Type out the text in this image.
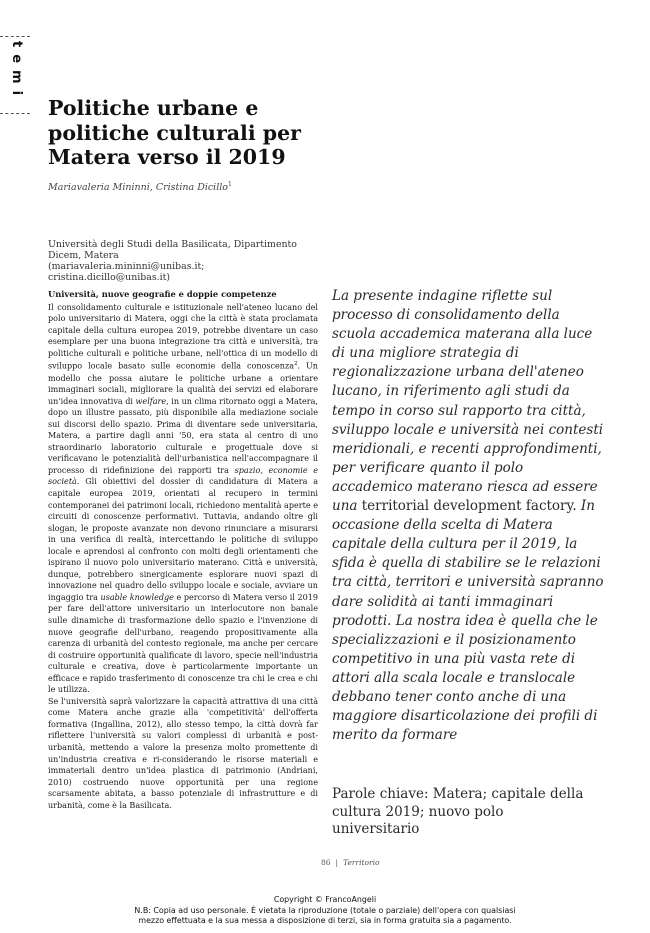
temi
Politiche urbane e politiche culturali per Matera verso il 2019

Mariavaleria Mininni, Cristina Dicillo$^1$

Università degli Studi della Basilicata, Dipartimento Dicem, Matera
(mariavaleria.mininni@unibas.it; cristina.dicillo@unibas.it)

Università, nuove geografie e doppie competenze

Il consolidamento culturale e istituzionale nell'ateneo lucano del polo universitario di Matera, oggi che la città è stata proclamata capitale della cultura europea 2019, potrebbe diventare un caso esemplare per una buona integrazione tra città e università, tra politiche culturali e politiche urbane, nell'ottica di un modello di sviluppo locale basato sulle economie della conoscenza$^2$. Un modello che possa aiutare le politiche urbane a orientare immaginari sociali, migliorare la qualità dei servizi ed elaborare un'idea innovativa di welfare, in un clima ritornato oggi a Matera, dopo un illustre passato, più disponibile alla mediazione sociale sui discorsi dello spazio. Prima di diventare sede universitaria, Matera, a partire dagli anni '50, era stata al centro di uno straordinario laboratorio culturale e progettuale dove si verificavano le potenzialità dell'urbanistica nell'accompagnare il processo di ridefinizione dei rapporti tra spazio, economie e società. Gli obiettivi del dossier di candidatura di Matera a capitale europea 2019, orientati al recupero in termini contemporanei dei patrimoni locali, richiedono mentalità aperte e circuiti di conoscenze performativi. Tuttavia, andando oltre gli slogan, le proposte avanzate non devono rinunciare a misurarsi in una verifica di realtà, intercettando le politiche di sviluppo locale e aprendosi al confronto con molti degli orientamenti che ispirano il nuovo polo universitario materano. Città e università, dunque, potrebbero sinergicamente esplorare nuovi spazi di innovazione nel quadro dello sviluppo locale e sociale, avviare un ingaggio tra usable knowledge e percorso di Matera verso il 2019 per fare dell'attore universitario un interlocutore non banale sulle dinamiche di trasformazione dello spazio e l'invenzione di nuove geografie dell'urbano, reagendo propositivamente alla carenza di urbanità del contesto regionale, ma anche per cercare di costruire opportunità qualificate di lavoro, specie nell'industria culturale e creativa, dove è particolarmente importante un efficace e rapido trasferimento di conoscenze tra chi le crea e chi le utilizza.

Se l'università saprà valorizzare la capacità attrattiva di una città come Matera anche grazie alla 'competitività' dell'offerta formativa (Ingallina, 2012), allo stesso tempo, la città dovrà far riflettere l'università su valori complessi di urbanità e post-urbanità, mettendo a valore la presenza molto promettente di un'industria creativa e ri-considerando le risorse materiali e immateriali dentro un'idea plastica di patrimonio (Andriani, 2010) costruendo nuove opportunità per una regione scarsamente abitata, a basso potenziale di infrastrutture e di urbanità, come è la Basilicata.

La presente indagine riflette sul processo di consolidamento della scuola accademica materana alla luce di una migliore strategia di regionalizzazione urbana dell'ateneo lucano, in riferimento agli studi da tempo in corso sul rapporto tra città, sviluppo locale e università nei contesti meridionali, e recenti approfondimenti, per verificare quanto il polo accademico materano riesca ad essere una territorial development factory. In occasione della scelta di Matera capitale della cultura per il 2019, la sfida è quella di stabilire se le relazioni tra città, territori e università sapranno dare solidità ai tanti immaginari prodotti. La nostra idea è quella che le specializzazioni e il posizionamento competitivo in una più vasta rete di attori alla scala locale e translocale debbano tener conto anche di una maggiore disarticolazione dei profili di merito da formare

Parole chiave: Matera; capitale della cultura 2019; nuovo polo universitario

86 | Territorio
Copyright © FrancoAngeli
N.B: Copia ad uso personale. È vietata la riproduzione (totale o parziale) dell'opera con qualsiasi
mezzo effettuata e la sua messa a disposizione di terzi, sia in forma gratuita sia a pagamento.
